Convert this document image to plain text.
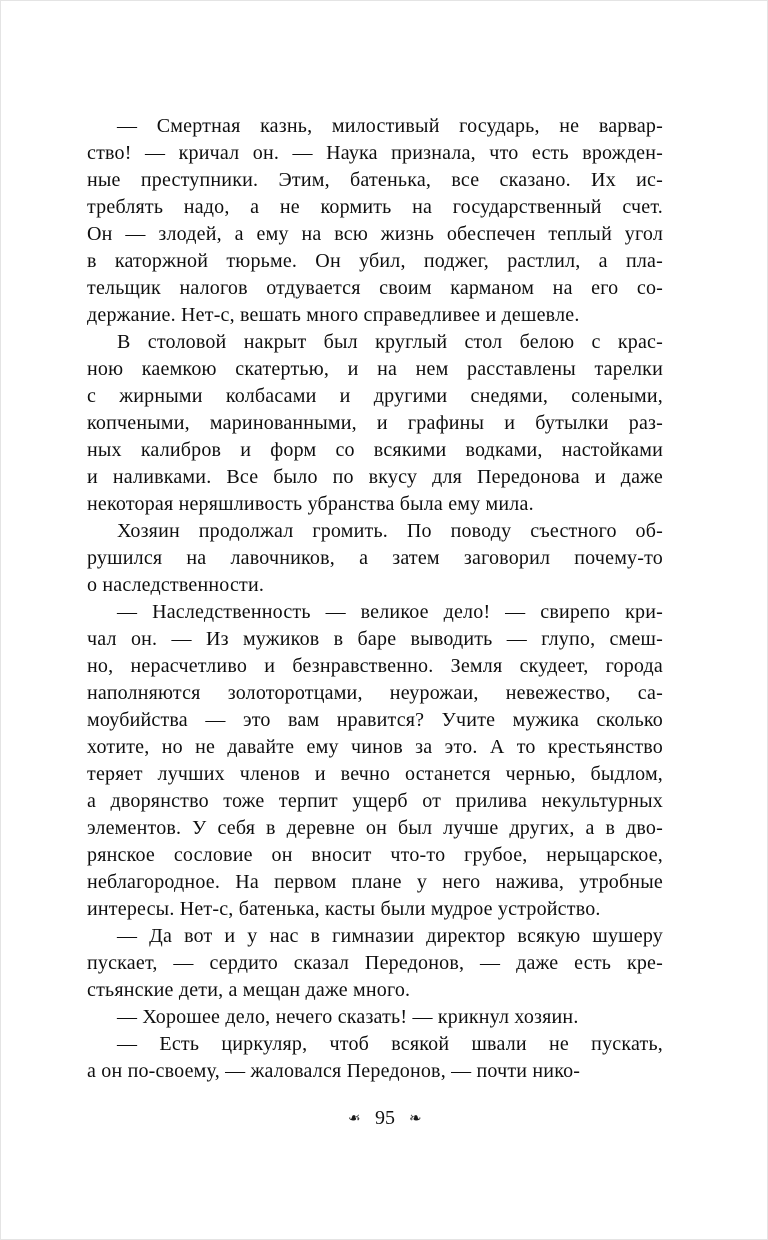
— Смертная казнь, милостивый государь, не варвар-
ство! — кричал он. — Наука признала, что есть врожден-
ные преступники. Этим, батенька, все сказано. Их ис-
треблять надо, а не кормить на государственный счет.
Он — злодей, а ему на всю жизнь обеспечен теплый угол
в каторжной тюрьме. Он убил, поджег, растлил, а пла-
тельщик налогов отдувается своим карманом на его со-
держание. Нет-с, вешать много справедливее и дешевле.
В столовой накрыт был круглый стол белою с крас-
ною каемкою скатертью, и на нем расставлены тарелки
с жирными колбасами и другими снедями, солеными,
копчеными, маринованными, и графины и бутылки раз-
ных калибров и форм со всякими водками, настойками
и наливками. Все было по вкусу для Передонова и даже
некоторая неряшливость убранства была ему мила.
Хозяин продолжал громить. По поводу съестного об-
рушился на лавочников, а затем заговорил почему-то
о наследственности.
— Наследственность — великое дело! — свирепо кри-
чал он. — Из мужиков в баре выводить — глупо, смеш-
но, нерасчетливо и безнравственно. Земля скудеет, города
наполняются золоторотцами, неурожаи, невежество, са-
моубийства — это вам нравится? Учите мужика сколько
хотите, но не давайте ему чинов за это. А то крестьянство
теряет лучших членов и вечно останется чернью, быдлом,
а дворянство тоже терпит ущерб от прилива некультурных
элементов. У себя в деревне он был лучше других, а в дво-
рянское сословие он вносит что-то грубое, нерыцарское,
неблагородное. На первом плане у него нажива, утробные
интересы. Нет-с, батенька, касты были мудрое устройство.
— Да вот и у нас в гимназии директор всякую шушеру
пускает, — сердито сказал Передонов, — даже есть кре-
стьянские дети, а мещан даже много.
— Хорошее дело, нечего сказать! — крикнул хозяин.
— Есть циркуляр, чтоб всякой швали не пускать,
а он по-своему, — жаловался Передонов, — почти нико-
❧ 95 ❧
